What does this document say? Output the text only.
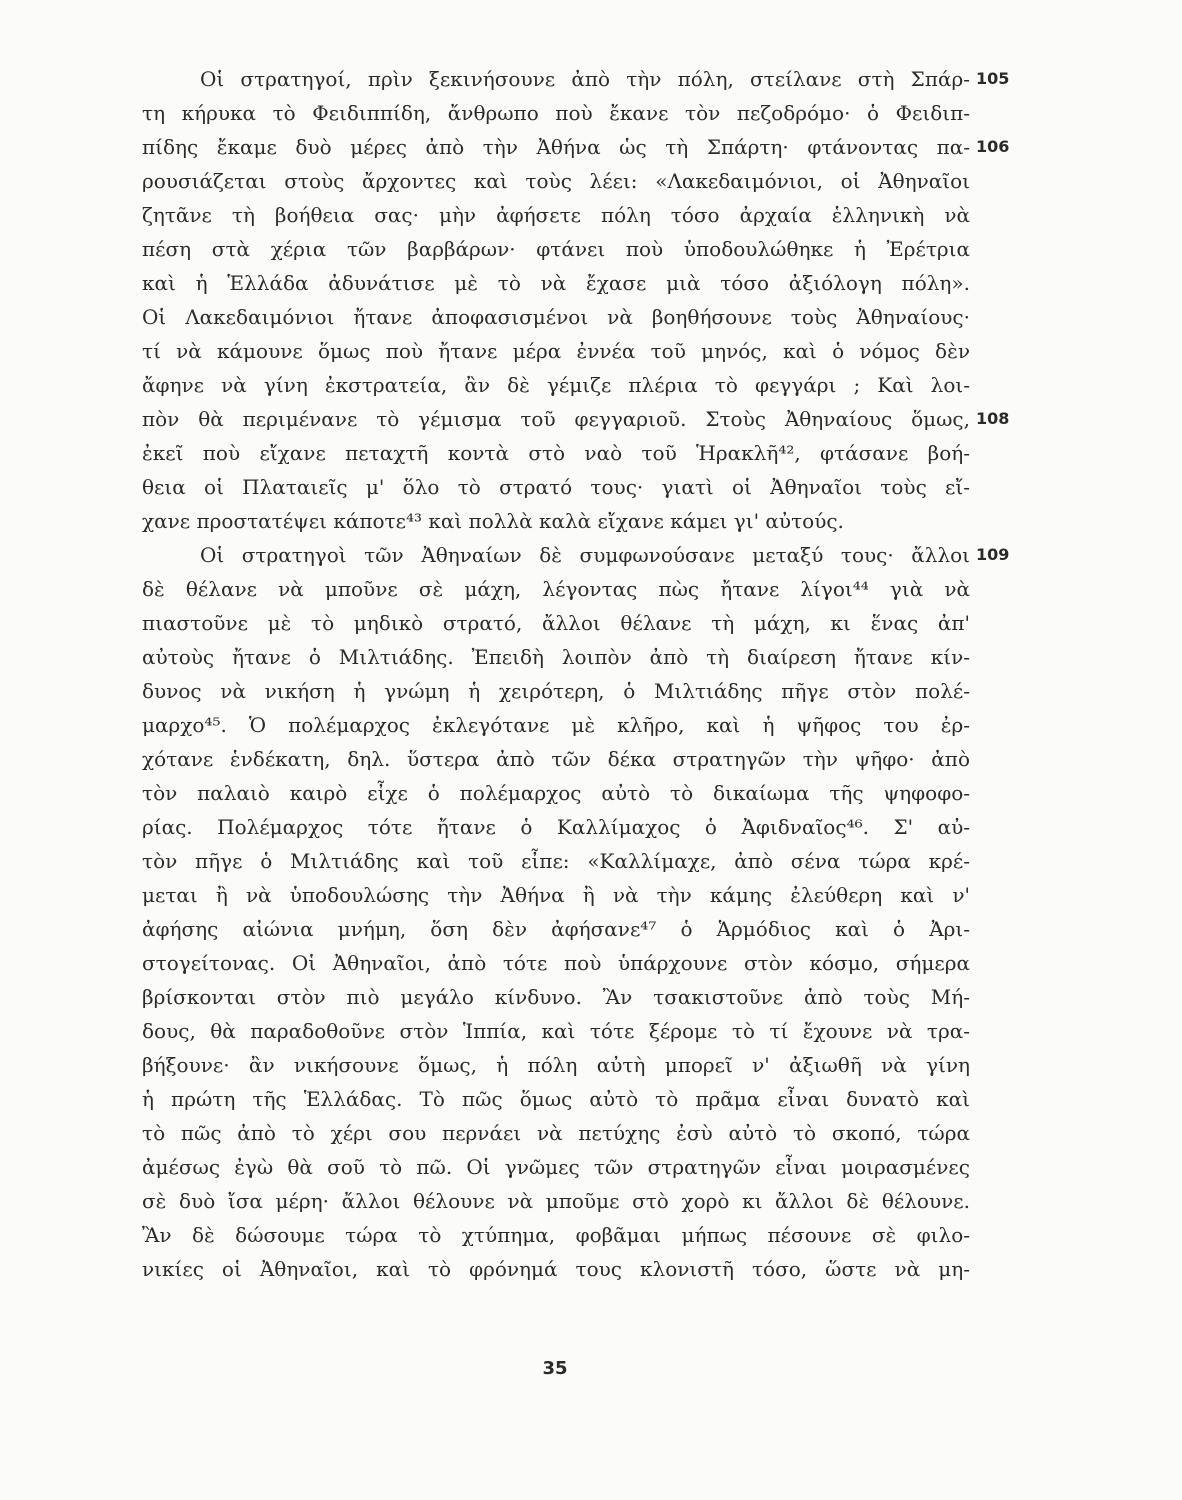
Οἱ στρατηγοί, πρὶν ξεκινήσουνε ἀπὸ τὴν πόλη, στείλανε στὴ Σπάρ-
τη κήρυκα τὸ Φειδιππίδη, ἄνθρωπο ποὺ ἔκανε τὸν πεζοδρόμο· ὁ Φειδιπ-
πίδης ἔκαμε δυὸ μέρες ἀπὸ τὴν Ἀθήνα ὡς τὴ Σπάρτη· φτάνοντας πα-
ρουσιάζεται στοὺς ἄρχοντες καὶ τοὺς λέει: «Λακεδαιμόνιοι, οἱ Ἀθηναῖοι
ζητᾶνε τὴ βοήθεια σας· μὴν ἀφήσετε πόλη τόσο ἀρχαία ἑλληνικὴ νὰ
πέση στὰ χέρια τῶν βαρβάρων· φτάνει ποὺ ὑποδουλώθηκε ἡ Ἐρέτρια
καὶ ἡ Ἑλλάδα ἀδυνάτισε μὲ τὸ νὰ ἔχασε μιὰ τόσο ἀξιόλογη πόλη».
Οἱ Λακεδαιμόνιοι ἤτανε ἀποφασισμένοι νὰ βοηθήσουνε τοὺς Ἀθηναίους·
τί νὰ κάμουνε ὅμως ποὺ ἤτανε μέρα ἐννέα τοῦ μηνός, καὶ ὁ νόμος δὲν
ἄφηνε νὰ γίνη ἐκστρατεία, ἂν δὲ γέμιζε πλέρια τὸ φεγγάρι ; Καὶ λοι-
πὸν θὰ περιμένανε τὸ γέμισμα τοῦ φεγγαριοῦ. Στοὺς Ἀθηναίους ὅμως,
ἐκεῖ ποὺ εἴχανε πεταχτῆ κοντὰ στὸ ναὸ τοῦ Ἡρακλῆ⁴², φτάσανε βοή-
θεια οἱ Πλαταιεῖς μ' ὅλο τὸ στρατό τους· γιατὶ οἱ Ἀθηναῖοι τοὺς εἴ-
χανε προστατέψει κάποτε⁴³ καὶ πολλὰ καλὰ εἴχανε κάμει γι' αὐτούς.
Οἱ στρατηγοὶ τῶν Ἀθηναίων δὲ συμφωνούσανε μεταξύ τους· ἄλλοι
δὲ θέλανε νὰ μποῦνε σὲ μάχη, λέγοντας πὼς ἤτανε λίγοι⁴⁴ γιὰ νὰ
πιαστοῦνε μὲ τὸ μηδικὸ στρατό, ἄλλοι θέλανε τὴ μάχη, κι ἕνας ἀπ'
αὐτοὺς ἤτανε ὁ Μιλτιάδης. Ἐπειδὴ λοιπὸν ἀπὸ τὴ διαίρεση ἤτανε κίν-
δυνος νὰ νικήση ἡ γνώμη ἡ χειρότερη, ὁ Μιλτιάδης πῆγε στὸν πολέ-
μαρχο⁴⁵. Ὁ πολέμαρχος ἐκλεγότανε μὲ κλῆρο, καὶ ἡ ψῆφος του ἐρ-
χότανε ἑνδέκατη, δηλ. ὕστερα ἀπὸ τῶν δέκα στρατηγῶν τὴν ψῆφο· ἀπὸ
τὸν παλαιὸ καιρὸ εἶχε ὁ πολέμαρχος αὐτὸ τὸ δικαίωμα τῆς ψηφοφο-
ρίας. Πολέμαρχος τότε ἤτανε ὁ Καλλίμαχος ὁ Ἀφιδναῖος⁴⁶. Σ' αὐ-
τὸν πῆγε ὁ Μιλτιάδης καὶ τοῦ εἶπε: «Καλλίμαχε, ἀπὸ σένα τώρα κρέ-
μεται ἢ νὰ ὑποδουλώσης τὴν Ἀθήνα ἢ νὰ τὴν κάμης ἐλεύθερη καὶ ν'
ἀφήσης αἰώνια μνήμη, ὅση δὲν ἀφήσανε⁴⁷ ὁ Ἁρμόδιος καὶ ὁ Ἀρι-
στογείτονας. Οἱ Ἀθηναῖοι, ἀπὸ τότε ποὺ ὑπάρχουνε στὸν κόσμο, σήμερα
βρίσκονται στὸν πιὸ μεγάλο κίνδυνο. Ἂν τσακιστοῦνε ἀπὸ τοὺς Μή-
δους, θὰ παραδοθοῦνε στὸν Ἱππία, καὶ τότε ξέρομε τὸ τί ἔχουνε νὰ τρα-
βήξουνε· ἂν νικήσουνε ὅμως, ἡ πόλη αὐτὴ μπορεῖ ν' ἀξιωθῆ νὰ γίνη
ἡ πρώτη τῆς Ἑλλάδας. Τὸ πῶς ὅμως αὐτὸ τὸ πρᾶμα εἶναι δυνατὸ καὶ
τὸ πῶς ἀπὸ τὸ χέρι σου περνάει νὰ πετύχης ἐσὺ αὐτὸ τὸ σκοπό, τώρα
ἀμέσως ἐγὼ θὰ σοῦ τὸ πῶ. Οἱ γνῶμες τῶν στρατηγῶν εἶναι μοιρασμένες
σὲ δυὸ ἴσα μέρη· ἄλλοι θέλουνε νὰ μποῦμε στὸ χορὸ κι ἄλλοι δὲ θέλουνε.
Ἂν δὲ δώσουμε τώρα τὸ χτύπημα, φοβᾶμαι μήπως πέσουνε σὲ φιλο-
νικίες οἱ Ἀθηναῖοι, καὶ τὸ φρόνημά τους κλονιστῆ τόσο, ὥστε νὰ μη-
105
106
108
109
35
